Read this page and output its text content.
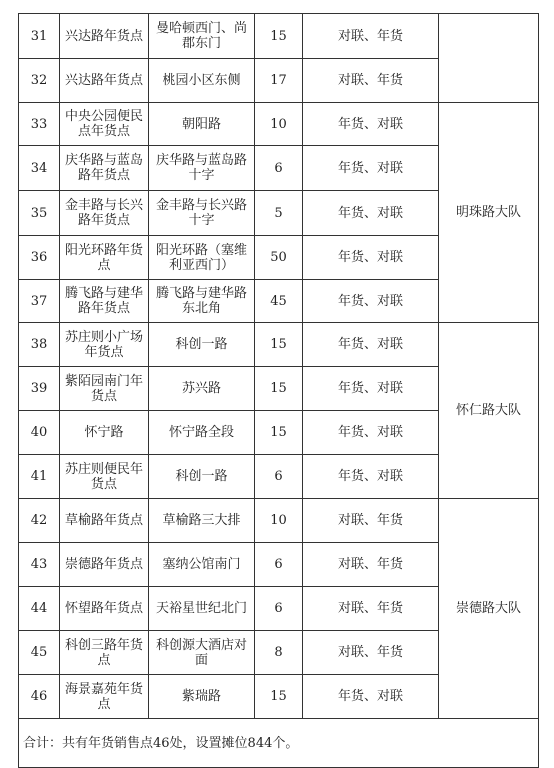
31	兴达路年货点	曼哈顿西门、尚郡东门	15	对联、年货	
32	兴达路年货点	桃园小区东侧	17	对联、年货	
33	中央公园便民点年货点	朝阳路	10	年货、对联	明珠路大队
34	庆华路与蓝岛路年货点	庆华路与蓝岛路十字	6	年货、对联	
35	金丰路与长兴路年货点	金丰路与长兴路十字	5	年货、对联	
36	阳光环路年货点	阳光环路（塞维利亚西门）	50	年货、对联	
37	腾飞路与建华路年货点	腾飞路与建华路东北角	45	年货、对联	
38	苏庄则小广场年货点	科创一路	15	年货、对联	怀仁路大队
39	紫陌园南门年货点	苏兴路	15	年货、对联	
40	怀宁路	怀宁路全段	15	年货、对联	
41	苏庄则便民年货点	科创一路	6	年货、对联	
42	草榆路年货点	草榆路三大排	10	对联、年货	崇德路大队
43	崇德路年货点	塞纳公馆南门	6	对联、年货	
44	怀望路年货点	天裕星世纪北门	6	对联、年货	
45	科创三路年货点	科创源大酒店对面	8	对联、年货	
46	海景嘉苑年货点	紫瑞路	15	年货、对联	
合计：共有年货销售点46处，设置摊位844个。					
